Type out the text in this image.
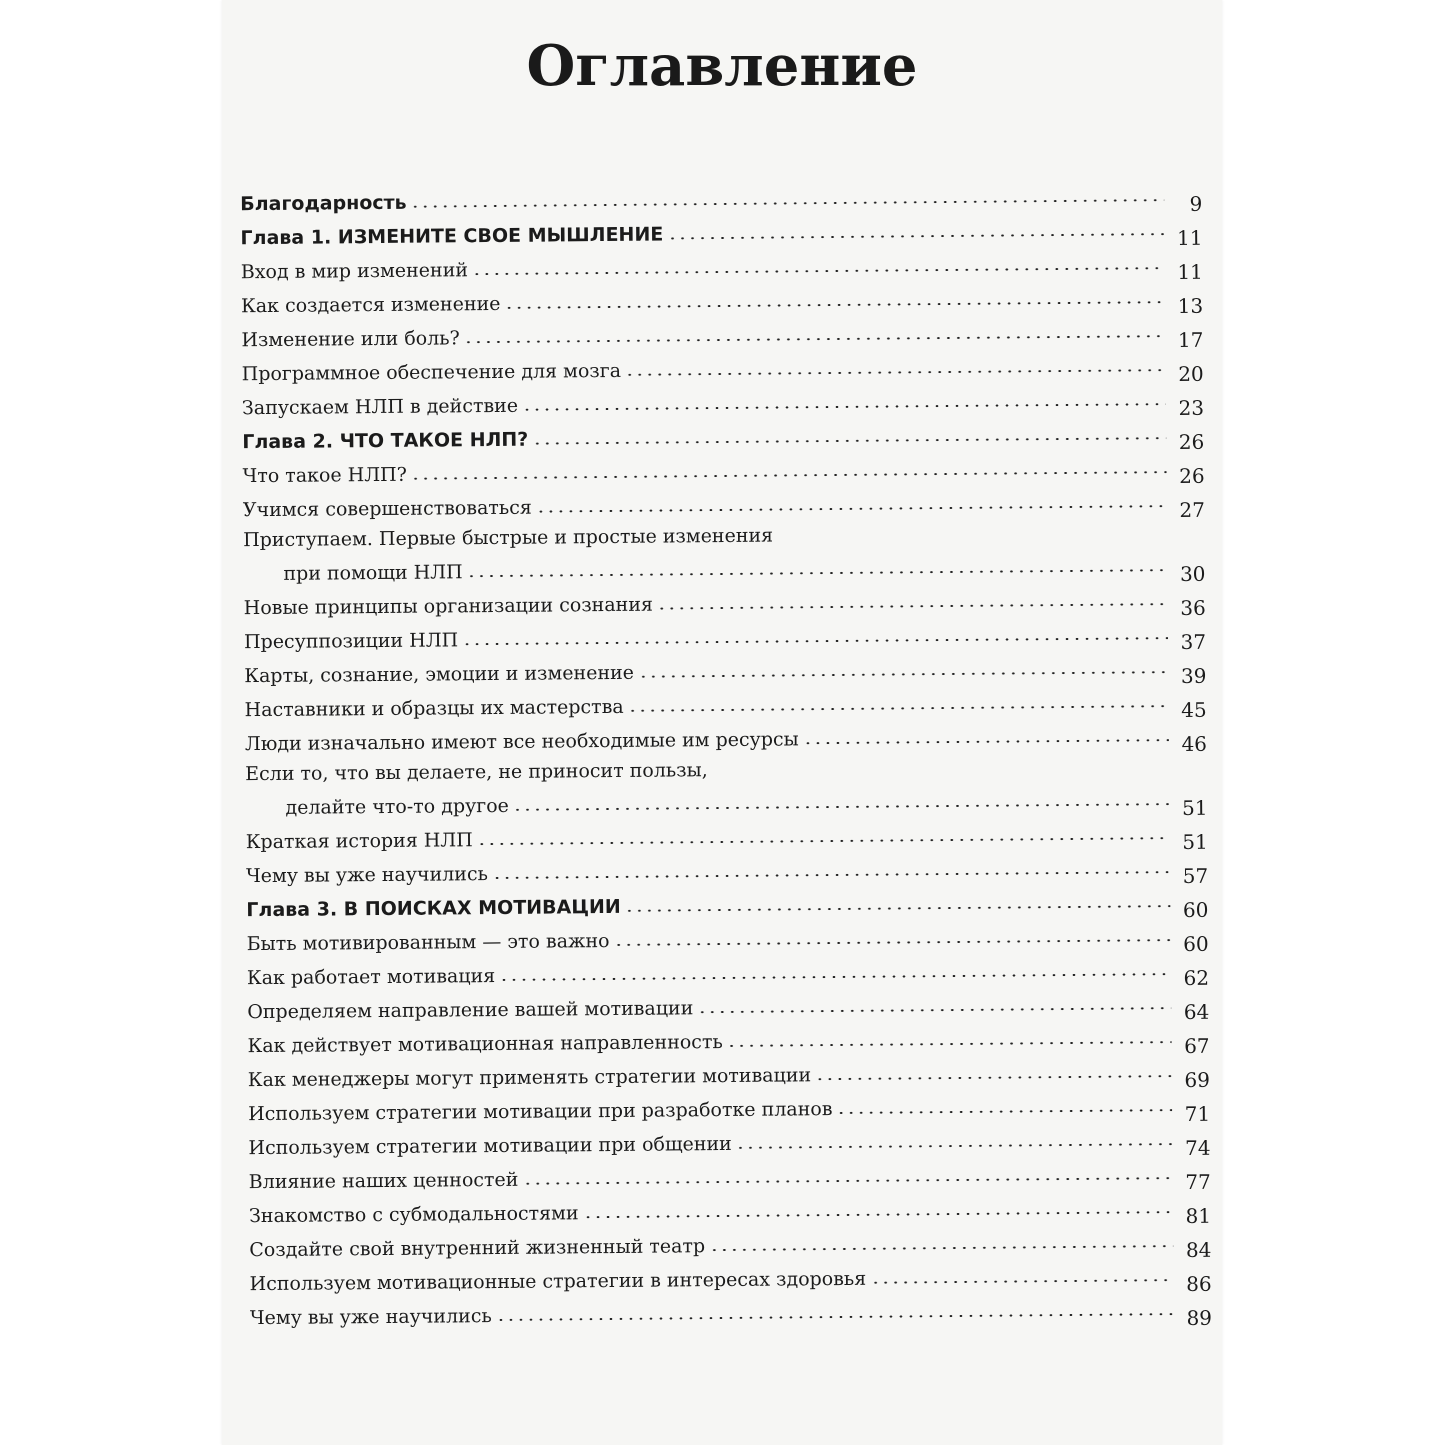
Оглавление
Благодарность	9
Глава 1. ИЗМЕНИТЕ СВОЕ МЫШЛЕНИЕ	11
Вход в мир изменений	11
Как создается изменение	13
Изменение или боль?	17
Программное обеспечение для мозга	20
Запускаем НЛП в действие	23
Глава 2. ЧТО ТАКОЕ НЛП?	26
Что такое НЛП?	26
Учимся совершенствоваться	27
Приступаем. Первые быстрые и простые изменения
при помощи НЛП	30
Новые принципы организации сознания	36
Пресуппозиции НЛП	37
Карты, сознание, эмоции и изменение	39
Наставники и образцы их мастерства	45
Люди изначально имеют все необходимые им ресурсы	46
Если то, что вы делаете, не приносит пользы,
делайте что-то другое	51
Краткая история НЛП	51
Чему вы уже научились	57
Глава 3. В ПОИСКАХ МОТИВАЦИИ	60
Быть мотивированным — это важно	60
Как работает мотивация	62
Определяем направление вашей мотивации	64
Как действует мотивационная направленность	67
Как менеджеры могут применять стратегии мотивации	69
Используем стратегии мотивации при разработке планов	71
Используем стратегии мотивации при общении	74
Влияние наших ценностей	77
Знакомство с субмодальностями	81
Создайте свой внутренний жизненный театр	84
Используем мотивационные стратегии в интересах здоровья	86
Чему вы уже научились	89
